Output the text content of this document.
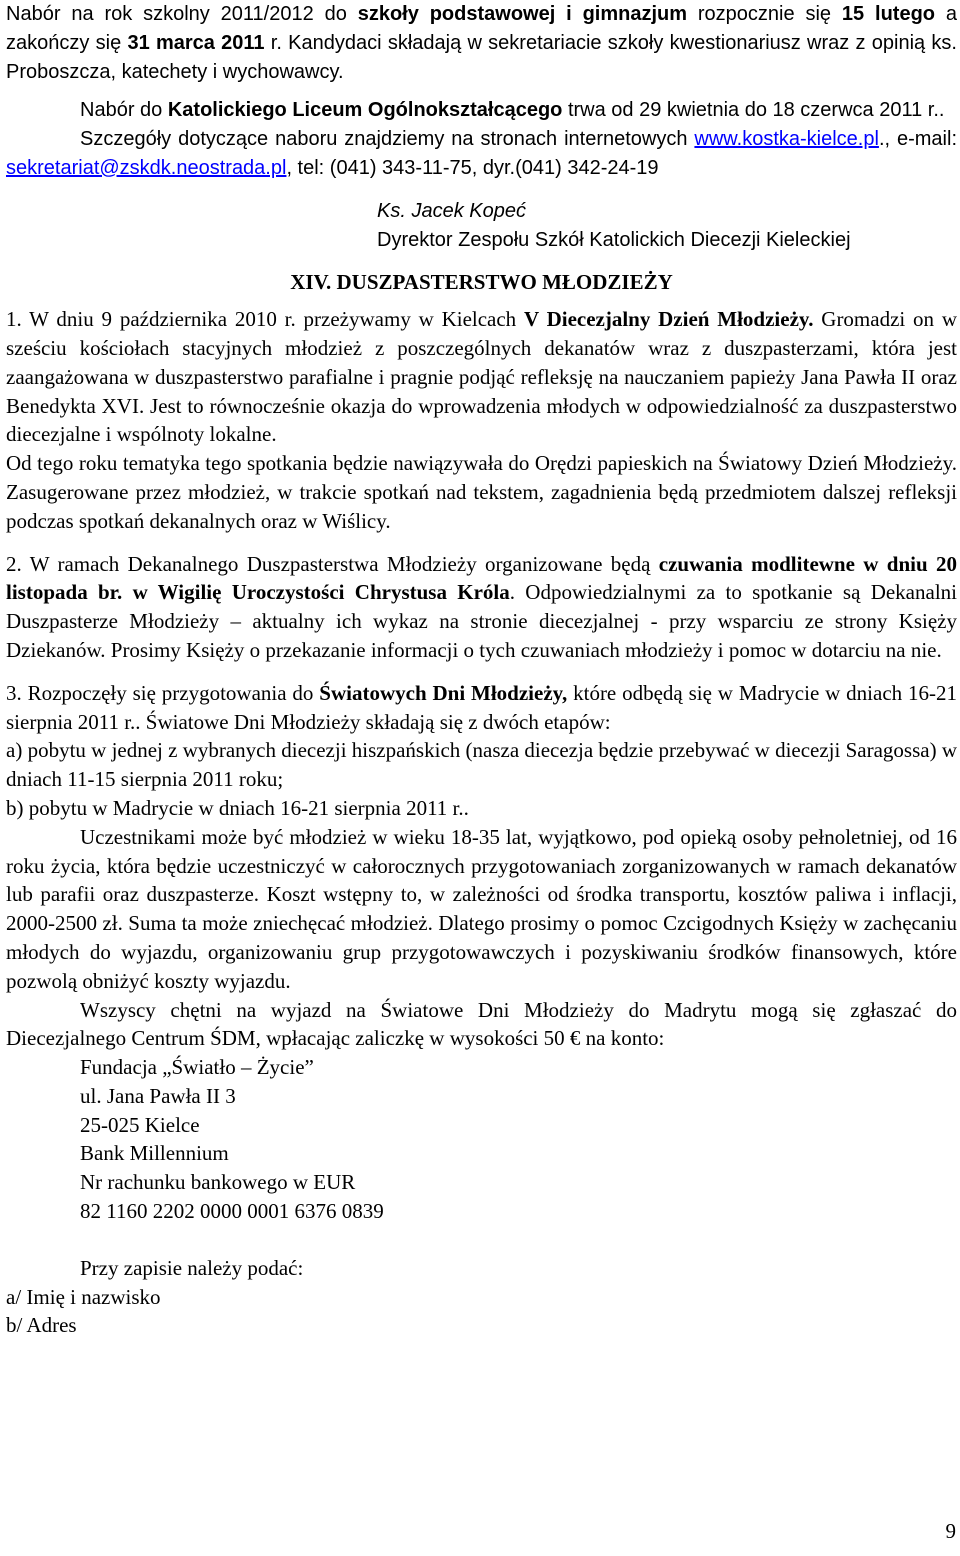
Nabór na rok szkolny 2011/2012 do szkoły podstawowej i gimnazjum rozpocznie się 15 lutego a zakończy się 31 marca 2011 r. Kandydaci składają w sekretariacie szkoły kwestionariusz wraz z opinią ks. Proboszcza, katechety i wychowawcy.

Nabór do Katolickiego Liceum Ogólnokształcącego trwa od 29 kwietnia do 18 czerwca 2011 r..

Szczegóły dotyczące naboru znajdziemy na stronach internetowych www.kostka-kielce.pl., e-mail: sekretariat@zskdk.neostrada.pl, tel: (041) 343-11-75, dyr.(041) 342-24-19

Ks. Jacek Kopeć

Dyrektor Zespołu Szkół Katolickich Diecezji Kieleckiej

XIV. DUSZPASTERSTWO MŁODZIEŻY

1. W dniu 9 października 2010 r. przeżywamy w Kielcach V Diecezjalny Dzień Młodzieży. Gromadzi on w sześciu kościołach stacyjnych młodzież z poszczególnych dekanatów wraz z duszpasterzami, która jest zaangażowana w duszpasterstwo parafialne i pragnie podjąć refleksję na nauczaniem papieży Jana Pawła II oraz Benedykta XVI. Jest to równocześnie okazja do wprowadzenia młodych w odpowiedzialność za duszpasterstwo diecezjalne i wspólnoty lokalne.

Od tego roku tematyka tego spotkania będzie nawiązywała do Orędzi papieskich na Światowy Dzień Młodzieży. Zasugerowane przez młodzież, w trakcie spotkań nad tekstem, zagadnienia będą przedmiotem dalszej refleksji podczas spotkań dekanalnych oraz w Wiślicy.

2. W ramach Dekanalnego Duszpasterstwa Młodzieży organizowane będą czuwania modlitewne w dniu 20 listopada br. w Wigilię Uroczystości Chrystusa Króla. Odpowiedzialnymi za to spotkanie są Dekanalni Duszpasterze Młodzieży – aktualny ich wykaz na stronie diecezjalnej - przy wsparciu ze strony Księży Dziekanów. Prosimy Księży o przekazanie informacji o tych czuwaniach młodzieży i pomoc w dotarciu na nie.

3. Rozpoczęły się przygotowania do Światowych Dni Młodzieży, które odbędą się w Madrycie w dniach 16-21 sierpnia 2011 r.. Światowe Dni Młodzieży składają się z dwóch etapów:

a) pobytu w jednej z wybranych diecezji hiszpańskich (nasza diecezja będzie przebywać w diecezji Saragossa) w dniach 11-15 sierpnia 2011 roku;

b) pobytu w Madrycie w dniach 16-21 sierpnia 2011 r..

Uczestnikami może być młodzież w wieku 18-35 lat, wyjątkowo, pod opieką osoby pełnoletniej, od 16 roku życia, która będzie uczestniczyć w całorocznych przygotowaniach zorganizowanych w ramach dekanatów lub parafii oraz duszpasterze. Koszt wstępny to, w zależności od środka transportu, kosztów paliwa i inflacji, 2000-2500 zł. Suma ta może zniechęcać młodzież. Dlatego prosimy o pomoc Czcigodnych Księży w zachęcaniu młodych do wyjazdu, organizowaniu grup przygotowawczych i pozyskiwaniu środków finansowych, które pozwolą obniżyć koszty wyjazdu.

Wszyscy chętni na wyjazd na Światowe Dni Młodzieży do Madrytu mogą się zgłaszać do Diecezjalnego Centrum ŚDM, wpłacając zaliczkę w wysokości 50 € na konto:

Fundacja „Światło – Życie”

ul. Jana Pawła II 3

25-025 Kielce

Bank Millennium

Nr rachunku bankowego w EUR

82 1160 2202 0000 0001 6376 0839

Przy zapisie należy podać:

a/ Imię i nazwisko

b/ Adres

9
